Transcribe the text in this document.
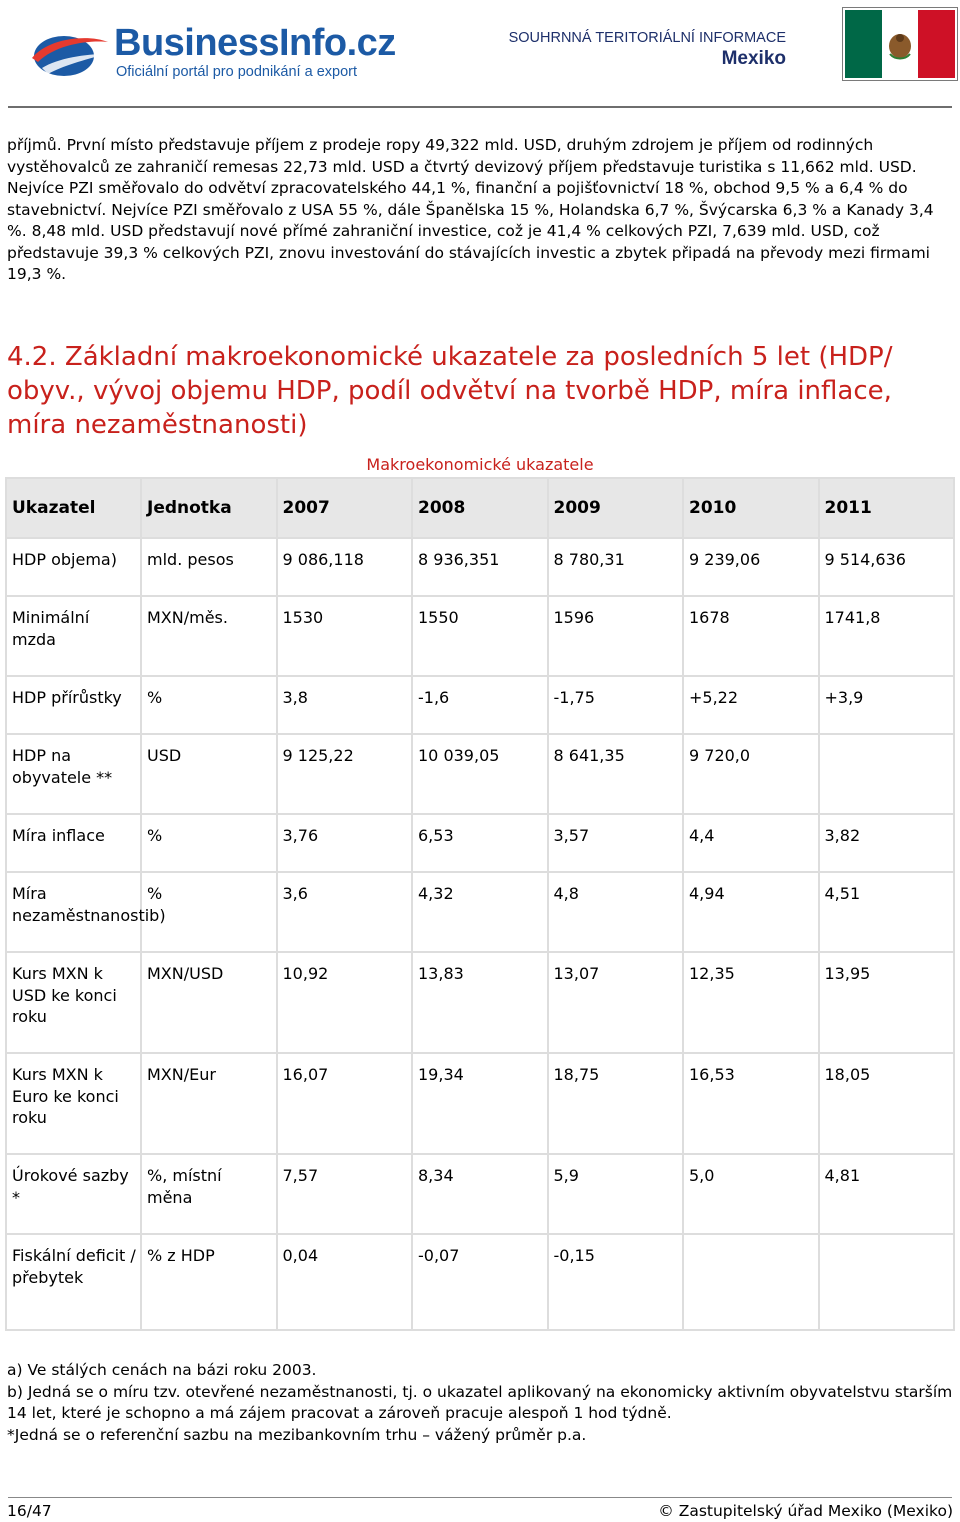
BusinessInfo.cz
Oficiální portál pro podnikání a export
SOUHRNNÁ TERITORIÁLNÍ INFORMACE
Mexiko
příjmů. První místo představuje příjem z prodeje ropy 49,322 mld. USD, druhým zdrojem je příjem od rodinných vystěhovalců ze zahraničí remesas 22,73 mld. USD a čtvrtý devizový příjem představuje turistika s 11,662 mld. USD. Nejvíce PZI směřovalo do odvětví zpracovatelského 44,1 %, finanční a pojišťovnictví 18 %, obchod 9,5 % a 6,4 % do stavebnictví. Nejvíce PZI směřovalo z USA 55 %, dále Španělska 15 %, Holandska 6,7 %, Švýcarska 6,3 % a Kanady 3,4 %. 8,48 mld. USD představují nové přímé zahraniční investice, což je 41,4 % celkových PZI, 7,639 mld. USD, což představuje 39,3 % celkových PZI, znovu investování do stávajících investic a zbytek připadá na převody mezi firmami 19,3 %.
4.2. Základní makroekonomické ukazatele za posledních 5 let (HDP/ obyv., vývoj objemu HDP, podíl odvětví na tvorbě HDP, míra inflace, míra nezaměstnanosti)
Makroekonomické ukazatele
Ukazatel	Jednotka	2007	2008	2009	2010	2011
HDP objema)	mld. pesos	9 086,118	8 936,351	8 780,31	9 239,06	9 514,636
Minimální mzda	MXN/měs.	1530	1550	1596	1678	1741,8
HDP přírůstky	%	3,8	-1,6	-1,75	+5,22	+3,9
HDP na obyvatele **	USD	9 125,22	10 039,05	8 641,35	9 720,0	
Míra inflace	%	3,76	6,53	3,57	4,4	3,82
Míra nezaměstnanostib)	%	3,6	4,32	4,8	4,94	4,51
Kurs MXN k USD ke konci roku	MXN/USD	10,92	13,83	13,07	12,35	13,95
Kurs MXN k Euro ke konci roku	MXN/Eur	16,07	19,34	18,75	16,53	18,05
Úrokové sazby *	%, místní měna	7,57	8,34	5,9	5,0	4,81
Fiskální deficit / přebytek	% z HDP	0,04	-0,07	-0,15		
a) Ve stálých cenách na bázi roku 2003.
b) Jedná se o míru tzv. otevřené nezaměstnanosti, tj. o ukazatel aplikovaný na ekonomicky aktivním obyvatelstvu starším 14 let, které je schopno a má zájem pracovat a zároveň pracuje alespoň 1 hod týdně.
*Jedná se o referenční sazbu na mezibankovním trhu – vážený průměr p.a.
16/47	© Zastupitelský úřad Mexiko (Mexiko)
